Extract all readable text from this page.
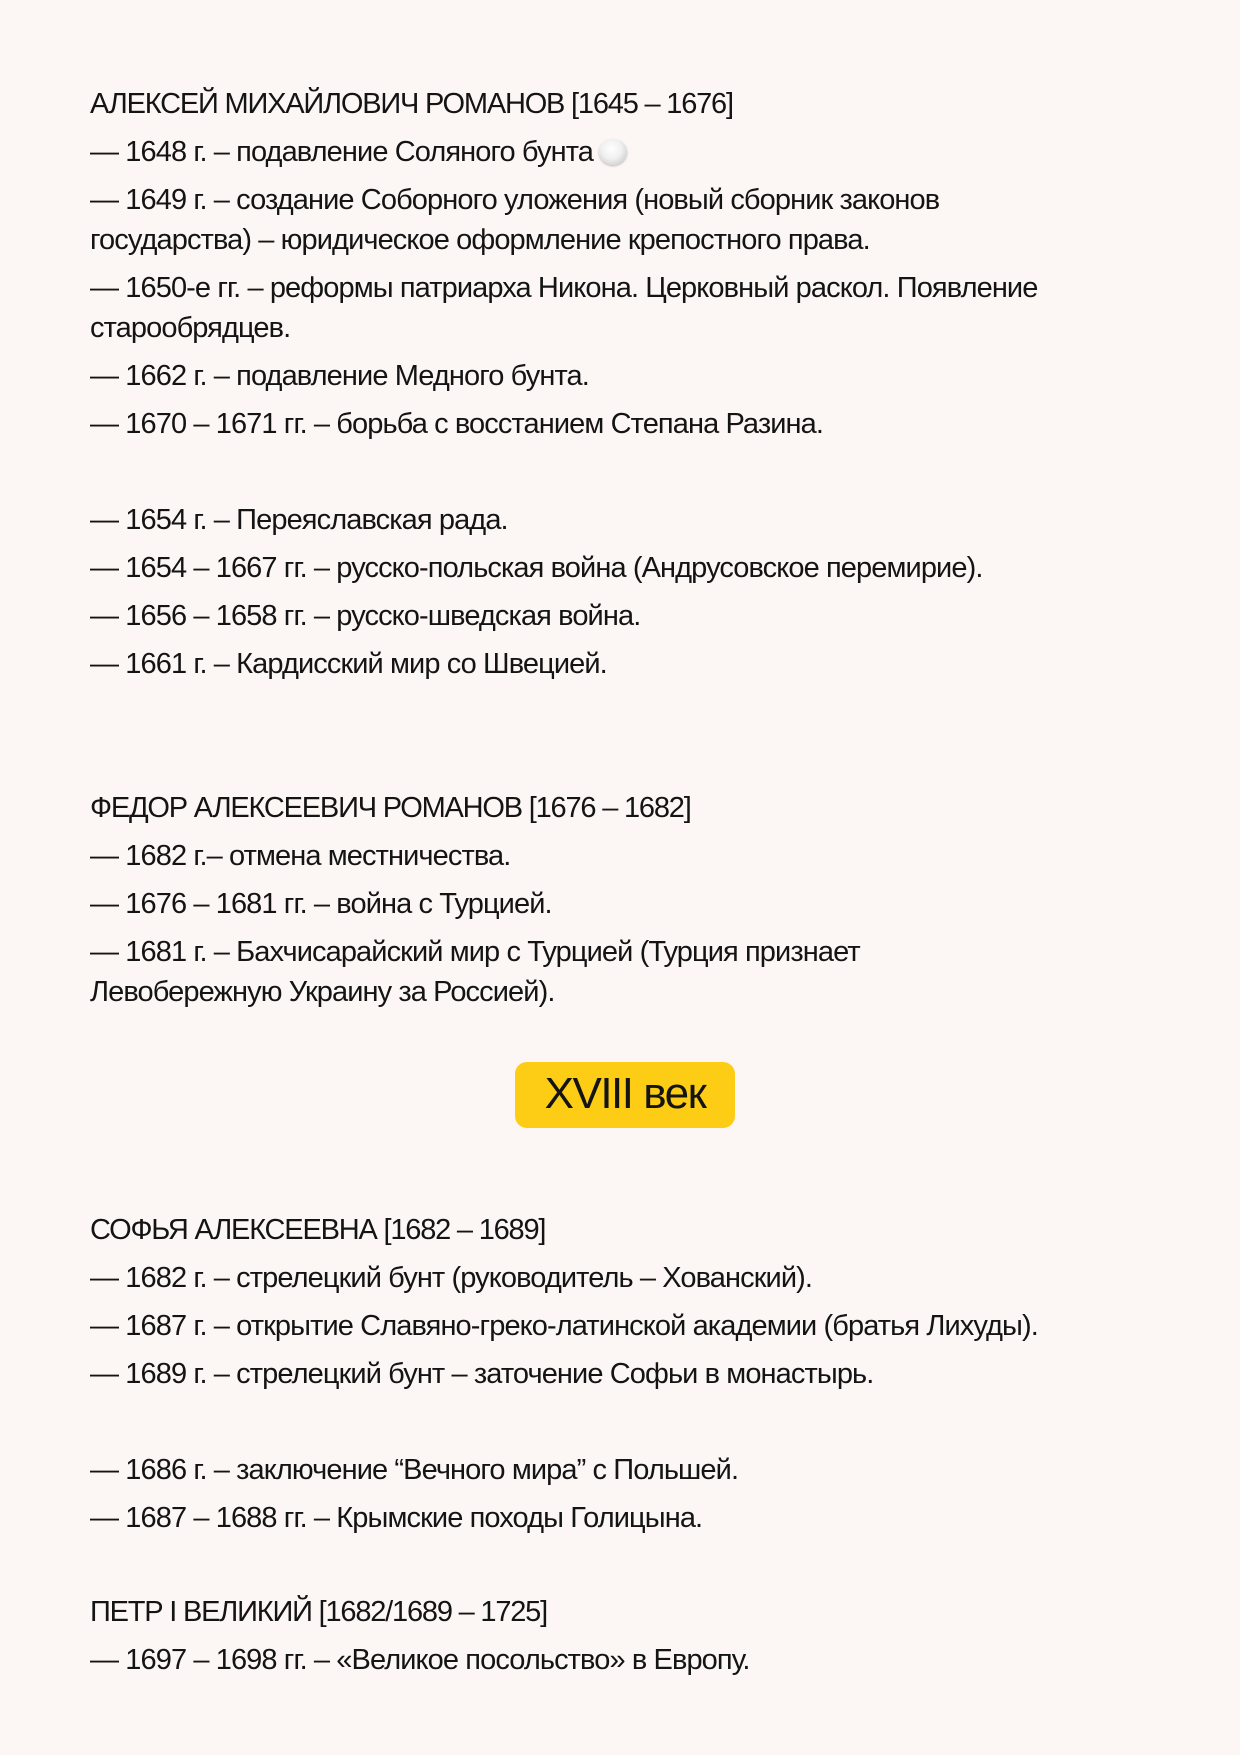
АЛЕКСЕЙ МИХАЙЛОВИЧ РОМАНОВ [1645 – 1676]

— 1648 г. – подавление Соляного бунта

— 1649 г. – создание Соборного уложения (новый сборник законов государства) – юридическое оформление крепостного права.

— 1650-е гг. – реформы патриарха Никона. Церковный раскол. Появление старообрядцев.

— 1662 г. – подавление Медного бунта.

— 1670 – 1671 гг. – борьба с восстанием Степана Разина.

— 1654 г. – Переяславская рада.

— 1654 – 1667 гг. – русско-польская война (Андрусовское перемирие).

— 1656 – 1658 гг. – русско-шведская война.

— 1661 г. – Кардисский мир со Швецией.

ФЕДОР АЛЕКСЕЕВИЧ РОМАНОВ [1676 – 1682]

— 1682 г.– отмена местничества.

— 1676 – 1681 гг. – война с Турцией.

— 1681 г. – Бахчисарайский мир с Турцией (Турция признает Левобережную Украину за Россией).

XVIII век

СОФЬЯ АЛЕКСЕЕВНА [1682 – 1689]

— 1682 г. – стрелецкий бунт (руководитель – Хованский).

— 1687 г. – открытие Славяно-греко-латинской академии (братья Лихуды).

— 1689 г. – стрелецкий бунт – заточение Софьи в монастырь.

— 1686 г. – заключение “Вечного мира” с Польшей.

— 1687 – 1688 гг. – Крымские походы Голицына.

ПЕТР I ВЕЛИКИЙ [1682/1689 – 1725]

— 1697 – 1698 гг. – «Великое посольство» в Европу.
